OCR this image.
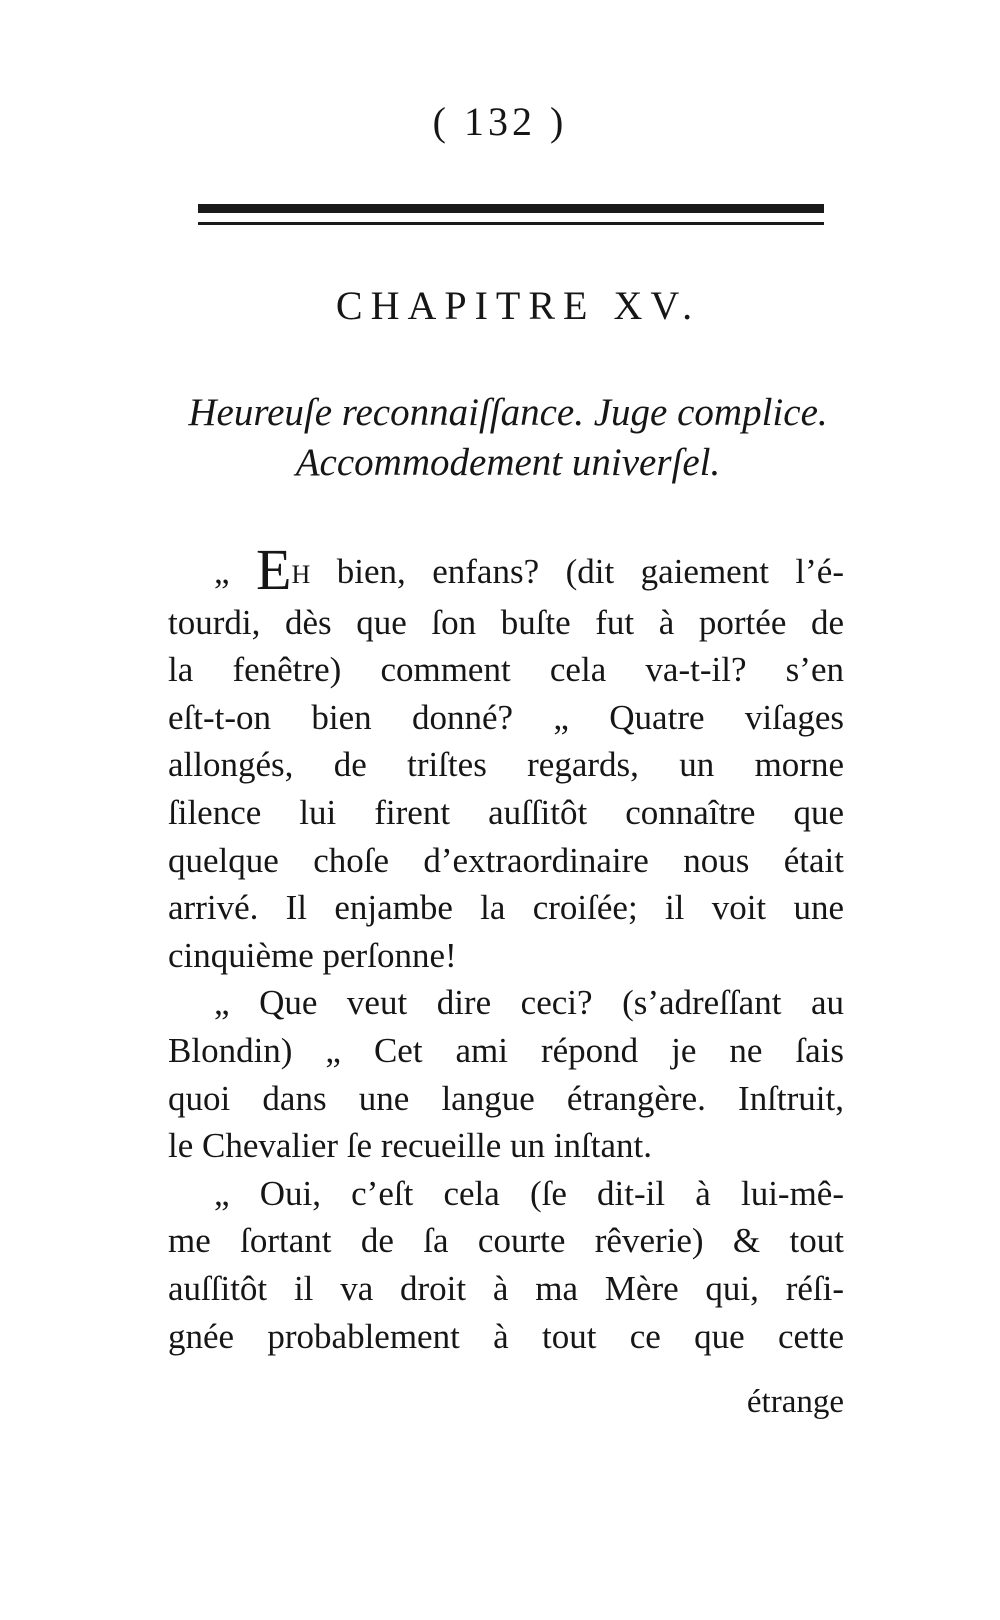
( 132 )
CHAPITRE XV.
Heureuſe reconnaiſſance. Juge complice.
Accommodement univerſel.
„ EH bien, enfans? (dit gaiement l’é-
tourdi, dès que ſon buſte fut à portée de
la fenêtre) comment cela va-t-il? s’en
eſt-t-on bien donné? „ Quatre viſages
allongés, de triſtes regards, un morne
ſilence lui firent auſſitôt connaître que
quelque choſe d’extraordinaire nous était
arrivé. Il enjambe la croiſée; il voit une
cinquième perſonne!
„ Que veut dire ceci? (s’adreſſant au
Blondin) „ Cet ami répond je ne ſais
quoi dans une langue étrangère. Inſtruit,
le Chevalier ſe recueille un inſtant.
„ Oui, c’eſt cela (ſe dit-il à lui-mê-
me ſortant de ſa courte rêverie) & tout
auſſitôt il va droit à ma Mère qui, réſi-
gnée probablement à tout ce que cette
étrange
